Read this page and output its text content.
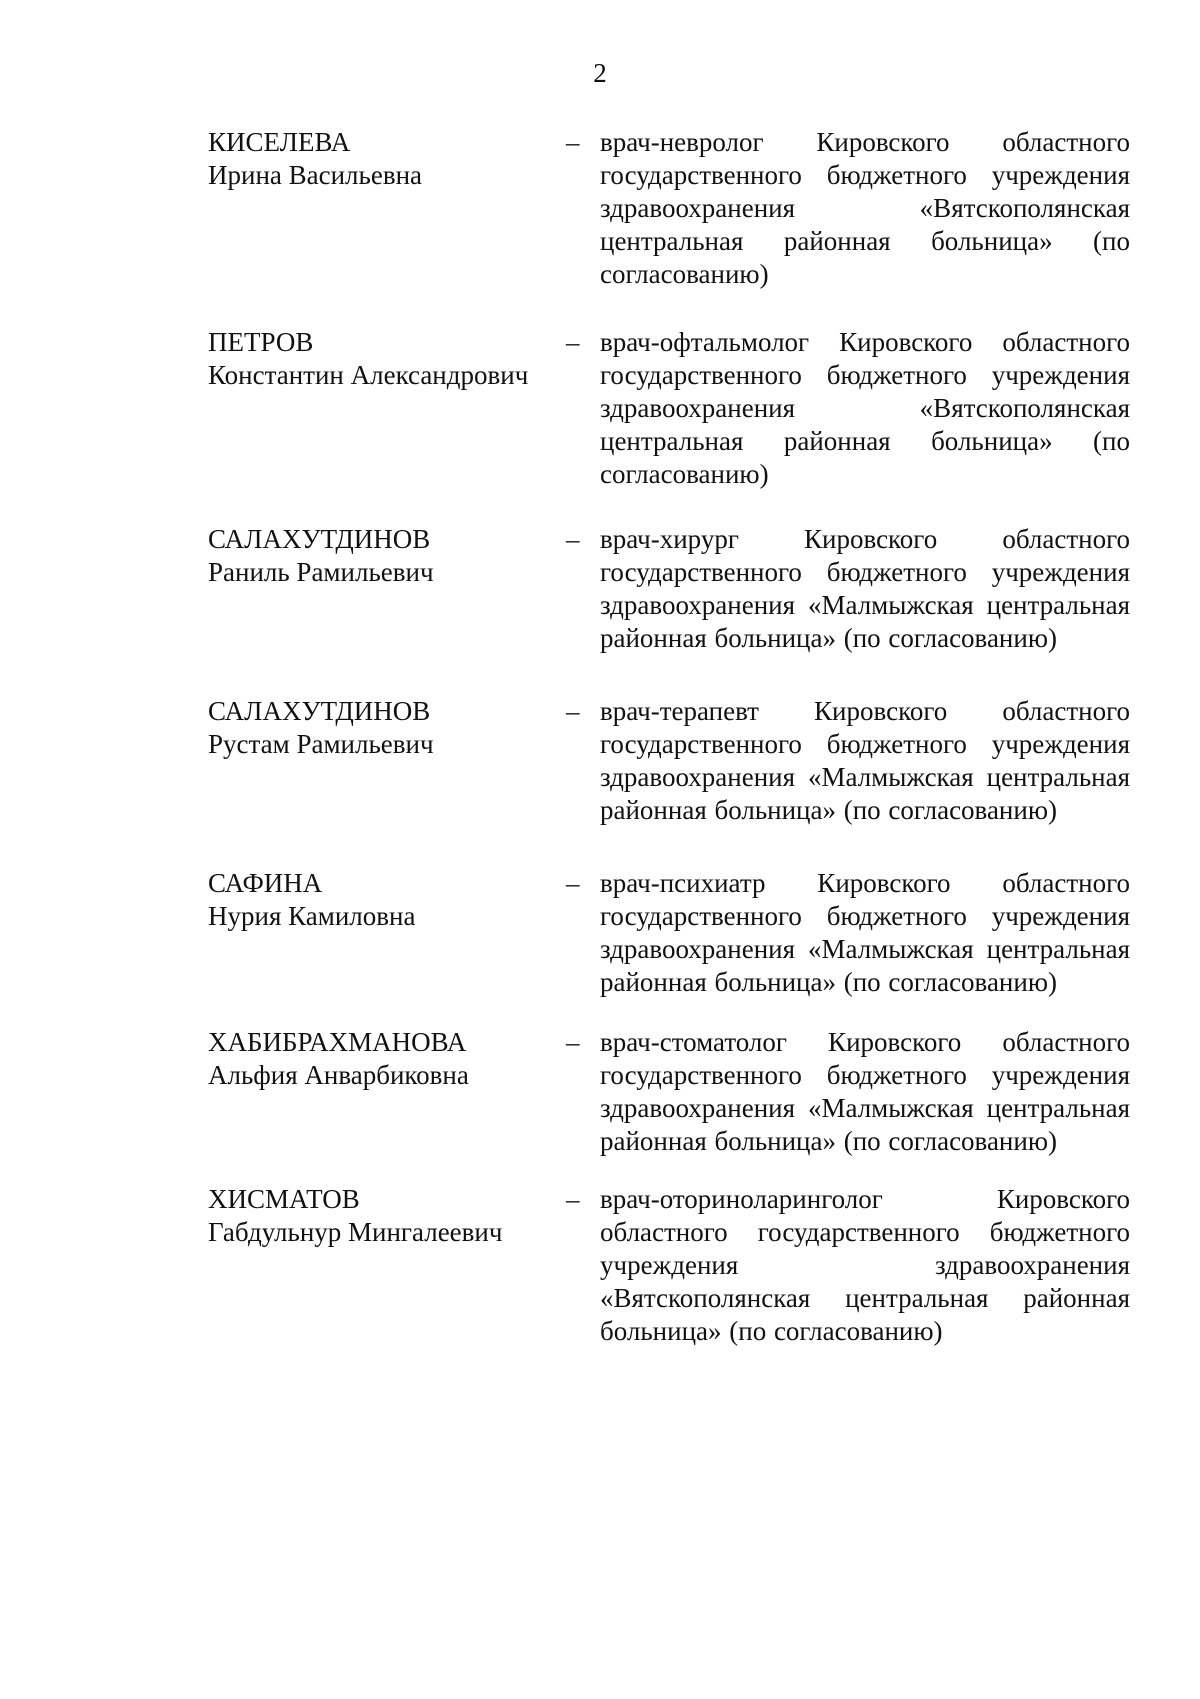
2
КИСЕЛЕВА
Ирина Васильевна
– врач-невролог Кировского областного государственного бюджетного учреждения здравоохранения «Вятскополянская центральная районная больница» (по согласованию)
ПЕТРОВ
Константин Александрович
– врач-офтальмолог Кировского областного государственного бюджетного учреждения здравоохранения «Вятскополянская центральная районная больница» (по согласованию)
САЛАХУТДИНОВ
Раниль Рамильевич
– врач-хирург Кировского областного государственного бюджетного учреждения здравоохранения «Малмыжская центральная районная больница» (по согласованию)
САЛАХУТДИНОВ
Рустам Рамильевич
– врач-терапевт Кировского областного государственного бюджетного учреждения здравоохранения «Малмыжская центральная районная больница» (по согласованию)
САФИНА
Нурия Камиловна
– врач-психиатр Кировского областного государственного бюджетного учреждения здравоохранения «Малмыжская центральная районная больница» (по согласованию)
ХАБИБРАХМАНОВА
Альфия Анварбиковна
– врач-стоматолог Кировского областного государственного бюджетного учреждения здравоохранения «Малмыжская центральная районная больница» (по согласованию)
ХИСМАТОВ
Габдульнур Мингалеевич
– врач-оториноларинголог Кировского областного государственного бюджетного учреждения здравоохранения «Вятскополянская центральная районная больница» (по согласованию)
